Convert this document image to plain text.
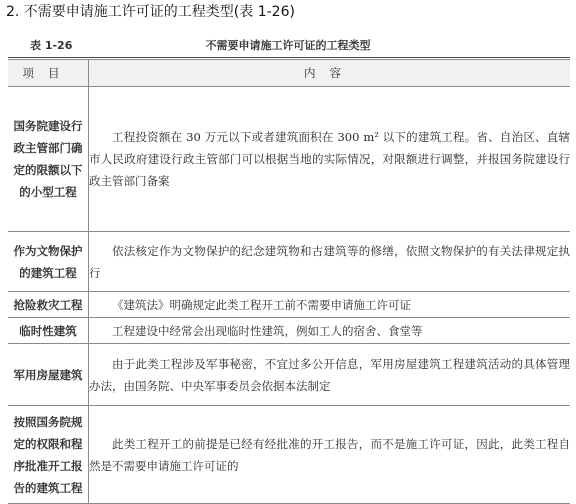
2. 不需要申请施工许可证的工程类型(表 1-26)
表 1-26	不需要申请施工许可证的工程类型
项目	内容
国务院建设行政主管部门确定的限额以下的小型工程	工程投资额在 30 万元以下或者建筑面积在 300 m² 以下的建筑工程。省、自治区、直辖市人民政府建设行政主管部门可以根据当地的实际情况，对限额进行调整，并报国务院建设行政主管部门备案
作为文物保护的建筑工程	依法核定作为文物保护的纪念建筑物和古建筑等的修缮，依照文物保护的有关法律规定执行
抢险救灾工程	《建筑法》明确规定此类工程开工前不需要申请施工许可证
临时性建筑	工程建设中经常会出现临时性建筑，例如工人的宿舍、食堂等
军用房屋建筑	由于此类工程涉及军事秘密，不宜过多公开信息，军用房屋建筑工程建筑活动的具体管理办法，由国务院、中央军事委员会依据本法制定
按照国务院规定的权限和程序批准开工报告的建筑工程	此类工程开工的前提是已经有经批准的开工报告，而不是施工许可证，因此，此类工程自然是不需要申请施工许可证的
